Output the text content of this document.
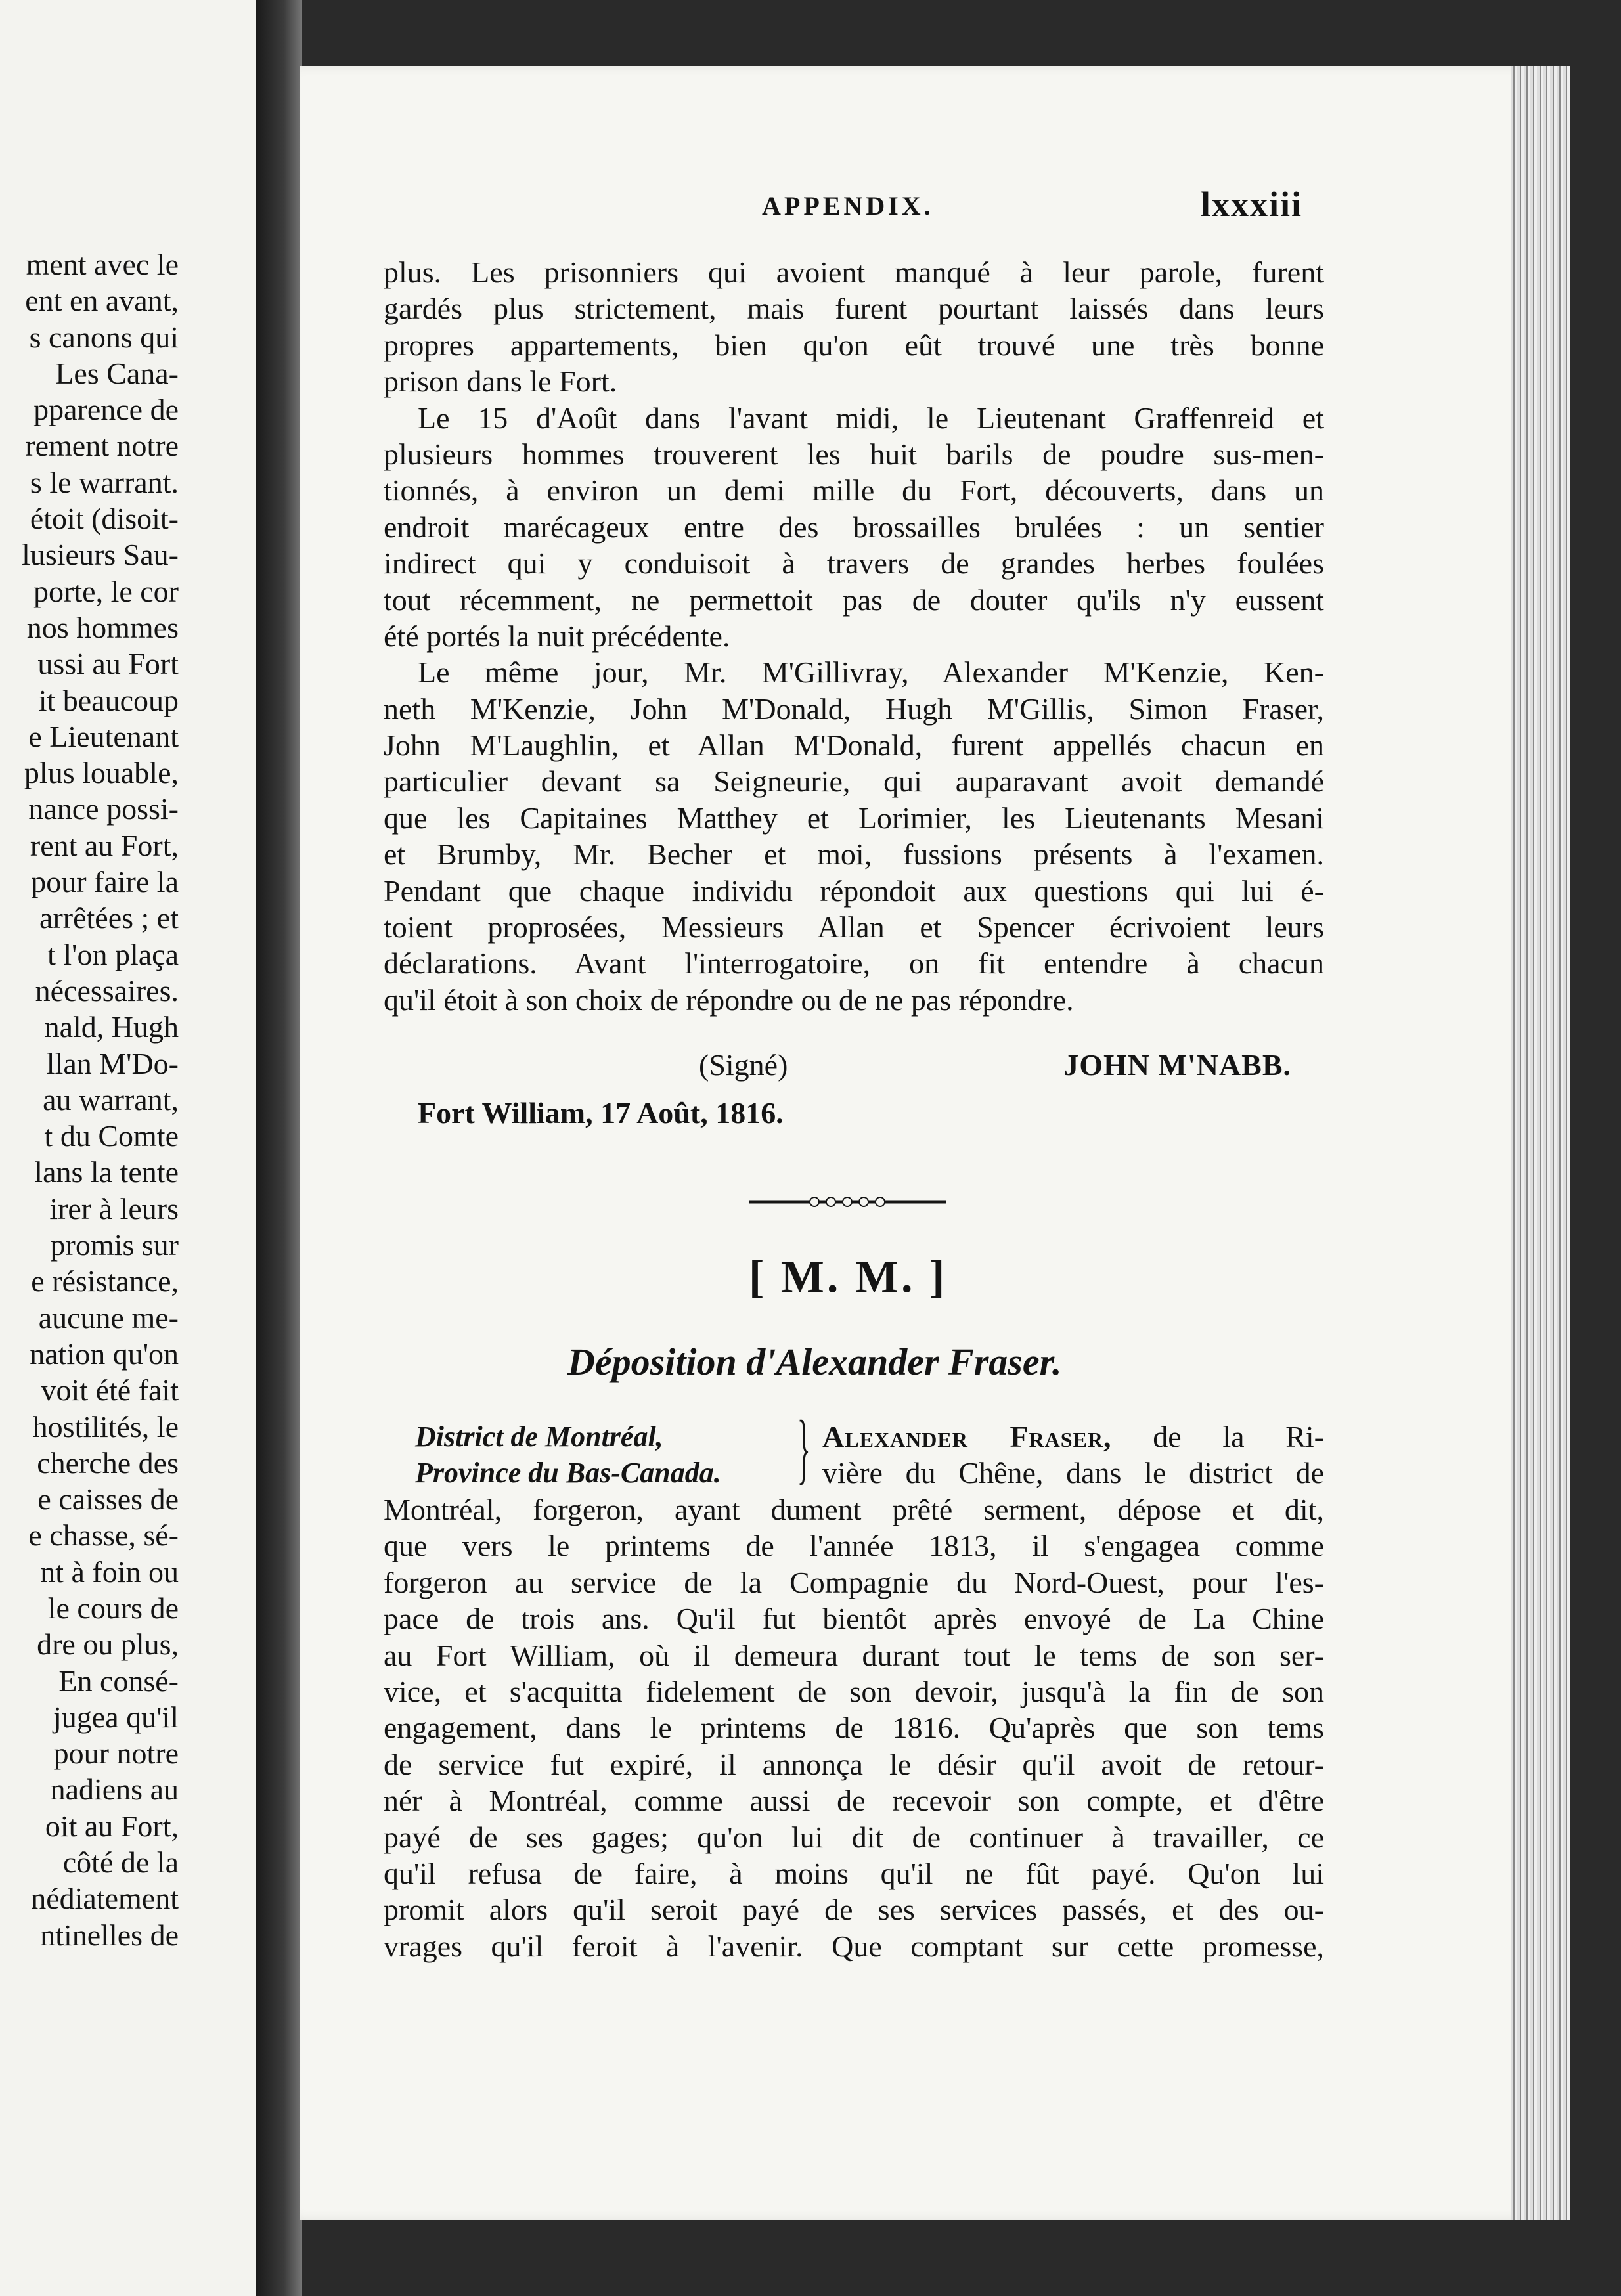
ment avec le
ent en avant,
s canons qui
Les Cana-
pparence de
rement notre
s le warrant.
étoit (disoit-
lusieurs Sau-
porte, le cor
nos hommes
ussi au Fort
it beaucoup
e Lieutenant
plus louable,
nance possi-
rent au Fort,
pour faire la
arrêtées ; et
t l'on plaça
nécessaires.
nald, Hugh
llan M'Do-
au warrant,
t du Comte
lans la tente
irer à leurs
promis sur
e résistance,
aucune me-
nation qu'on
voit été fait
hostilités, le
cherche des
e caisses de
e chasse, sé-
nt à foin ou
le cours de
dre ou plus,
En consé-
jugea qu'il
pour notre
nadiens au
oit au Fort,
côté de la
nédiatement
ntinelles de
APPENDIX.	lxxxiii
plus. Les prisonniers qui avoient manqué à leur parole, furent
gardés plus strictement, mais furent pourtant laissés dans leurs
propres appartements, bien qu'on eût trouvé une très bonne
prison dans le Fort.
Le 15 d'Août dans l'avant midi, le Lieutenant Graffenreid et
plusieurs hommes trouverent les huit barils de poudre sus-men-
tionnés, à environ un demi mille du Fort, découverts, dans un
endroit marécageux entre des brossailles brulées : un sentier
indirect qui y conduisoit à travers de grandes herbes foulées
tout récemment, ne permettoit pas de douter qu'ils n'y eussent
été portés la nuit précédente.
Le même jour, Mr. M'Gillivray, Alexander M'Kenzie, Ken-
neth M'Kenzie, John M'Donald, Hugh M'Gillis, Simon Fraser,
John M'Laughlin, et Allan M'Donald, furent appellés chacun en
particulier devant sa Seigneurie, qui auparavant avoit demandé
que les Capitaines Matthey et Lorimier, les Lieutenants Mesani
et Brumby, Mr. Becher et moi, fussions présents à l'examen.
Pendant que chaque individu répondoit aux questions qui lui é-
toient proprosées, Messieurs Allan et Spencer écrivoient leurs
déclarations. Avant l'interrogatoire, on fit entendre à chacun
qu'il étoit à son choix de répondre ou de ne pas répondre.
(Signé)	JOHN M'NABB.
Fort William, 17 Août, 1816.
[ M. M. ]
Déposition d'Alexander Fraser.
District de Montréal,
Province du Bas-Canada. } Alexander Fraser, de la Ri-
vière du Chêne, dans le district de
Montréal, forgeron, ayant dument prêté serment, dépose et dit,
que vers le printems de l'année 1813, il s'engagea comme
forgeron au service de la Compagnie du Nord-Ouest, pour l'es-
pace de trois ans. Qu'il fut bientôt après envoyé de La Chine
au Fort William, où il demeura durant tout le tems de son ser-
vice, et s'acquitta fidelement de son devoir, jusqu'à la fin de son
engagement, dans le printems de 1816. Qu'après que son tems
de service fut expiré, il annonça le désir qu'il avoit de retour-
nér à Montréal, comme aussi de recevoir son compte, et d'être
payé de ses gages; qu'on lui dit de continuer à travailler, ce
qu'il refusa de faire, à moins qu'il ne fût payé. Qu'on lui
promit alors qu'il seroit payé de ses services passés, et des ou-
vrages qu'il feroit à l'avenir. Que comptant sur cette promesse,
